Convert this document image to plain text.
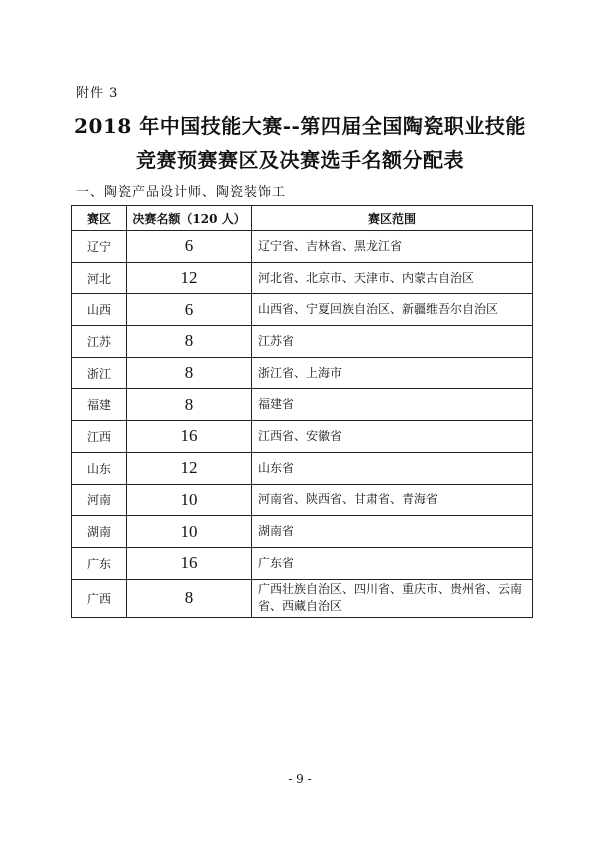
附件 3
2018 年中国技能大赛--第四届全国陶瓷职业技能
竞赛预赛赛区及决赛选手名额分配表
一、陶瓷产品设计师、陶瓷装饰工
赛区	决赛名额（120 人）	赛区范围
辽宁	6	辽宁省、吉林省、黑龙江省
河北	12	河北省、北京市、天津市、内蒙古自治区
山西	6	山西省、宁夏回族自治区、新疆维吾尔自治区
江苏	8	江苏省
浙江	8	浙江省、上海市
福建	8	福建省
江西	16	江西省、安徽省
山东	12	山东省
河南	10	河南省、陕西省、甘肃省、青海省
湖南	10	湖南省
广东	16	广东省
广西	8	广西壮族自治区、四川省、重庆市、贵州省、云南省、西藏自治区
- 9 -
